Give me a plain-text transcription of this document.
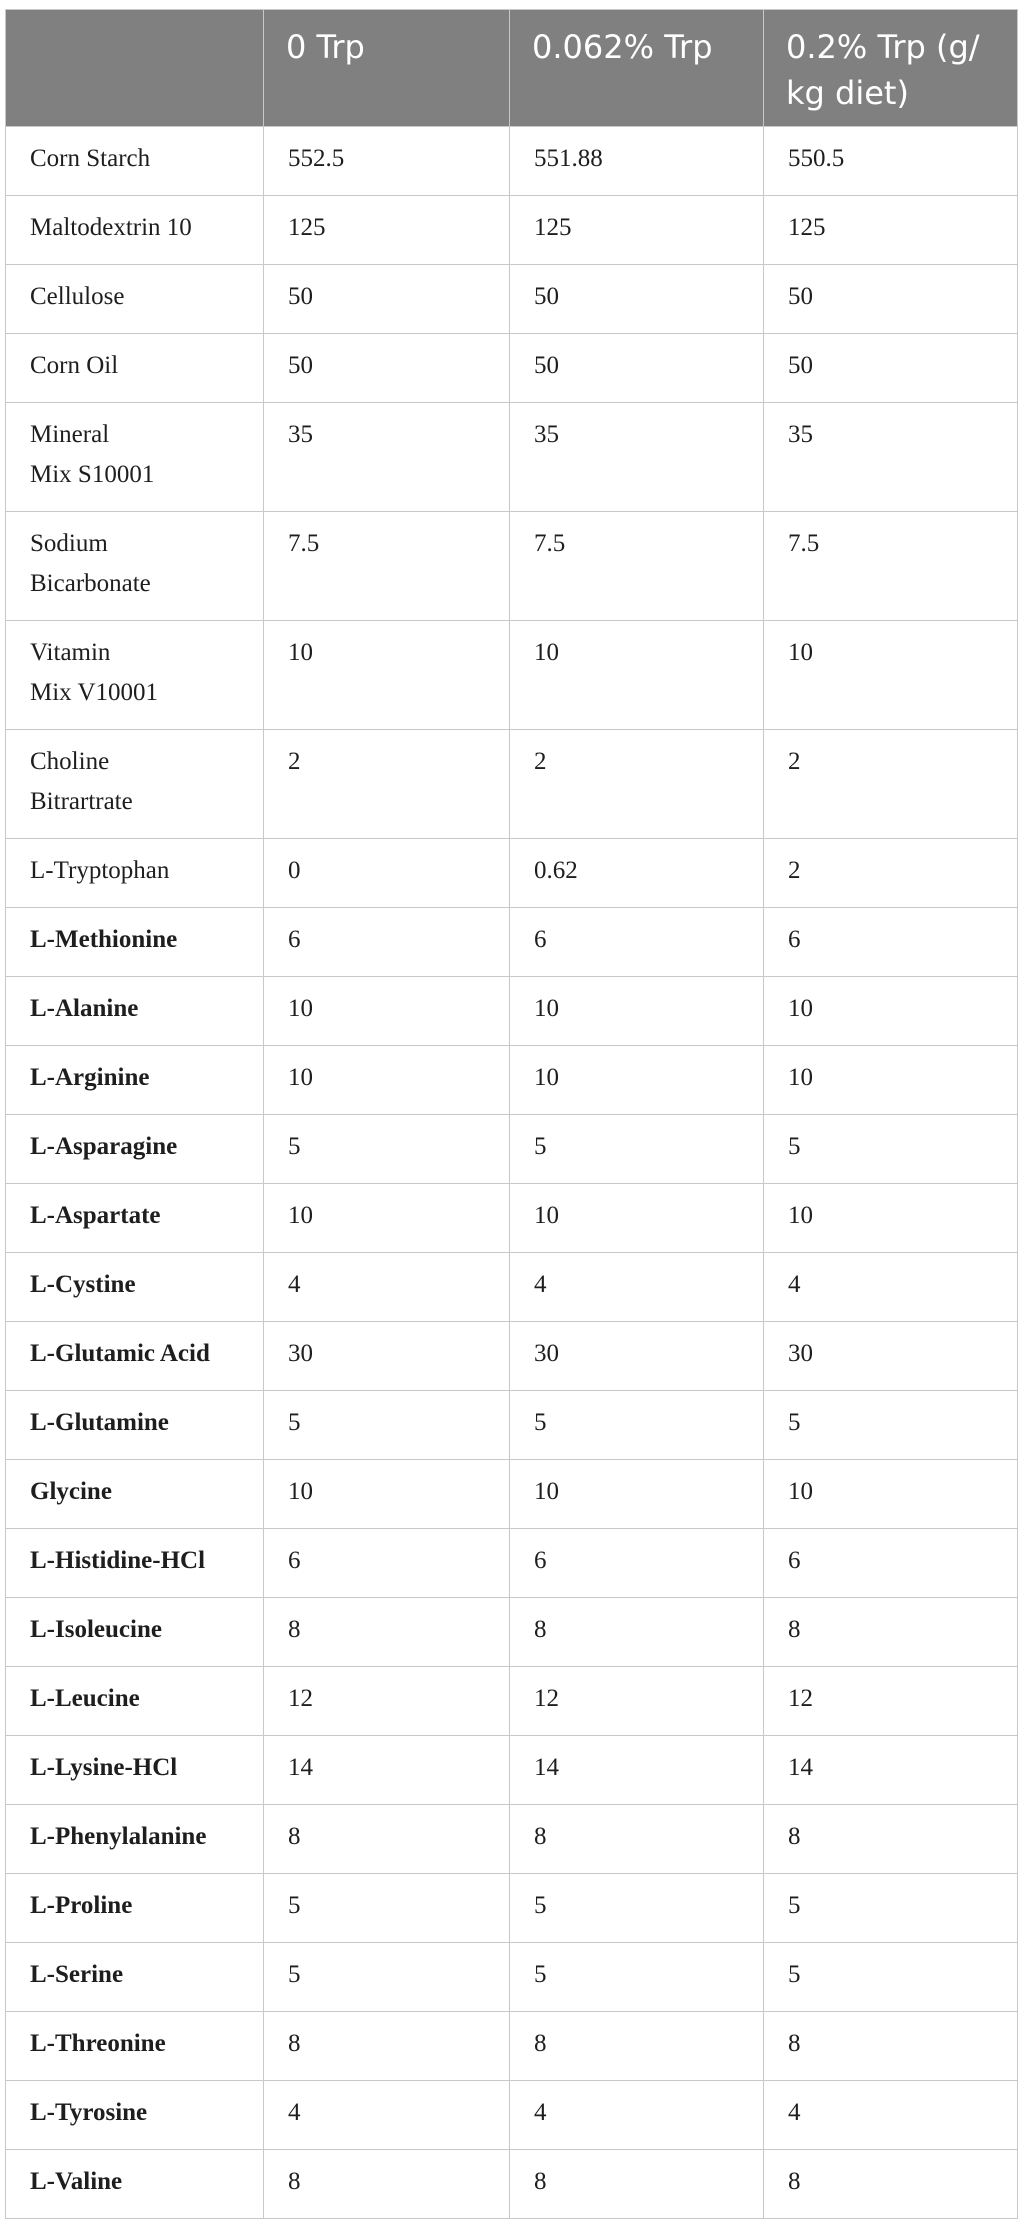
	0 Trp	0.062% Trp	0.2% Trp (g/
kg diet)
Corn Starch	552.5	551.88	550.5
Maltodextrin 10	125	125	125
Cellulose	50	50	50
Corn Oil	50	50	50
Mineral
Mix S10001	35	35	35
Sodium
Bicarbonate	7.5	7.5	7.5
Vitamin
Mix V10001	10	10	10
Choline
Bitrartrate	2	2	2
L-Tryptophan	0	0.62	2
L-Methionine	6	6	6
L-Alanine	10	10	10
L-Arginine	10	10	10
L-Asparagine	5	5	5
L-Aspartate	10	10	10
L-Cystine	4	4	4
L-Glutamic Acid	30	30	30
L-Glutamine	5	5	5
Glycine	10	10	10
L-Histidine-HCl	6	6	6
L-Isoleucine	8	8	8
L-Leucine	12	12	12
L-Lysine-HCl	14	14	14
L-Phenylalanine	8	8	8
L-Proline	5	5	5
L-Serine	5	5	5
L-Threonine	8	8	8
L-Tyrosine	4	4	4
L-Valine	8	8	8
